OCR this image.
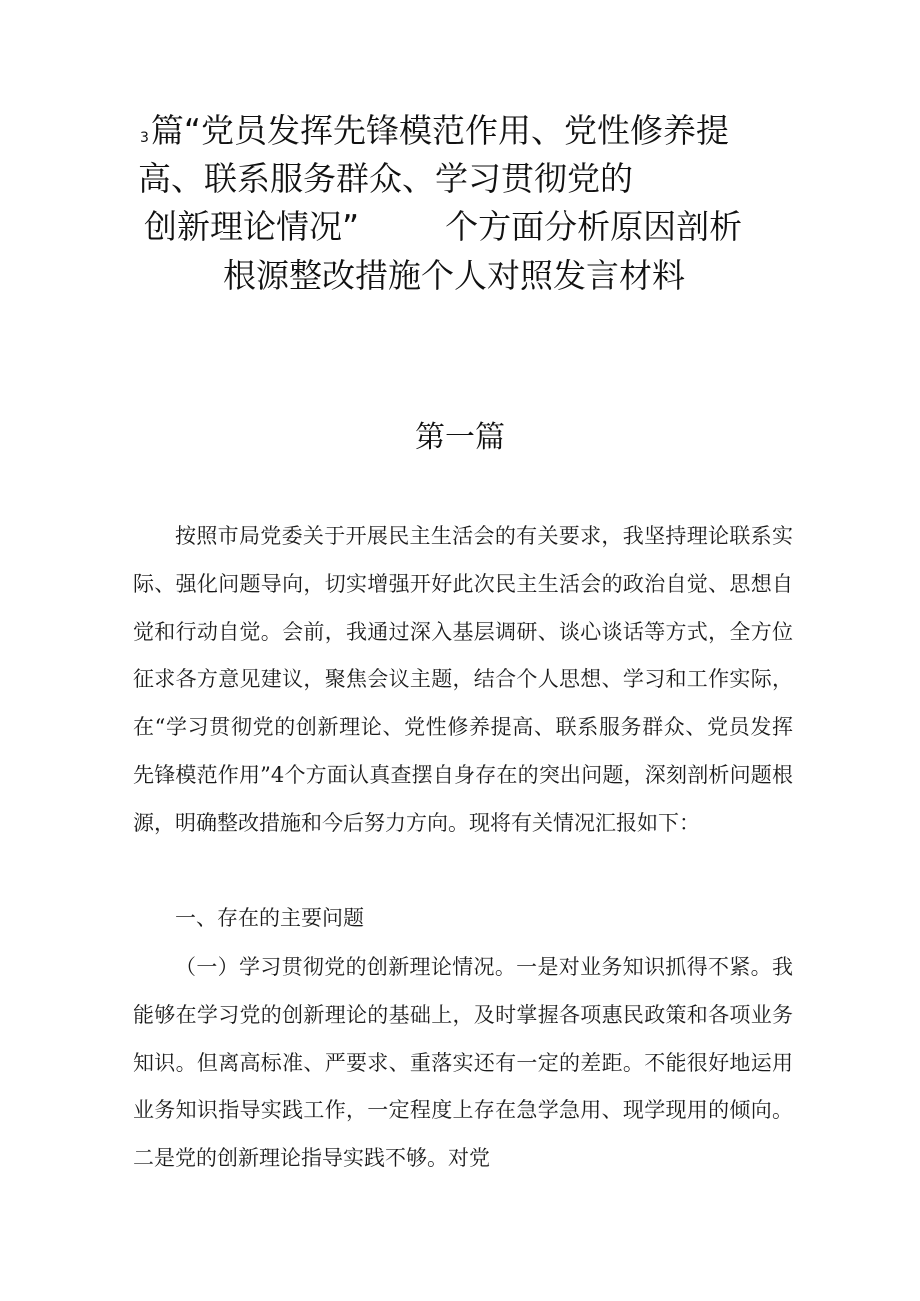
3篇“党员发挥先锋模范作用、党性修养提
高、联系服务群众、学习贯彻党的
创新理论情况”	个方面分析原因剖析
根源整改措施个人对照发言材料
第一篇

按照市局党委关于开展民主生活会的有关要求，我坚持理论联系实际、强化问题导向，切实增强开好此次民主生活会的政治自觉、思想自觉和行动自觉。会前，我通过深入基层调研、谈心谈话等方式，全方位征求各方意见建议，聚焦会议主题，结合个人思想、学习和工作实际，在“学习贯彻党的创新理论、党性修养提高、联系服务群众、党员发挥先锋模范作用”4个方面认真查摆自身存在的突出问题，深刻剖析问题根源，明确整改措施和今后努力方向。现将有关情况汇报如下：

一、存在的主要问题

（一）学习贯彻党的创新理论情况。一是对业务知识抓得不紧。我能够在学习党的创新理论的基础上，及时掌握各项惠民政策和各项业务知识。但离高标准、严要求、重落实还有一定的差距。不能很好地运用业务知识指导实践工作，一定程度上存在急学急用、现学现用的倾向。二是党的创新理论指导实践不够。对党
